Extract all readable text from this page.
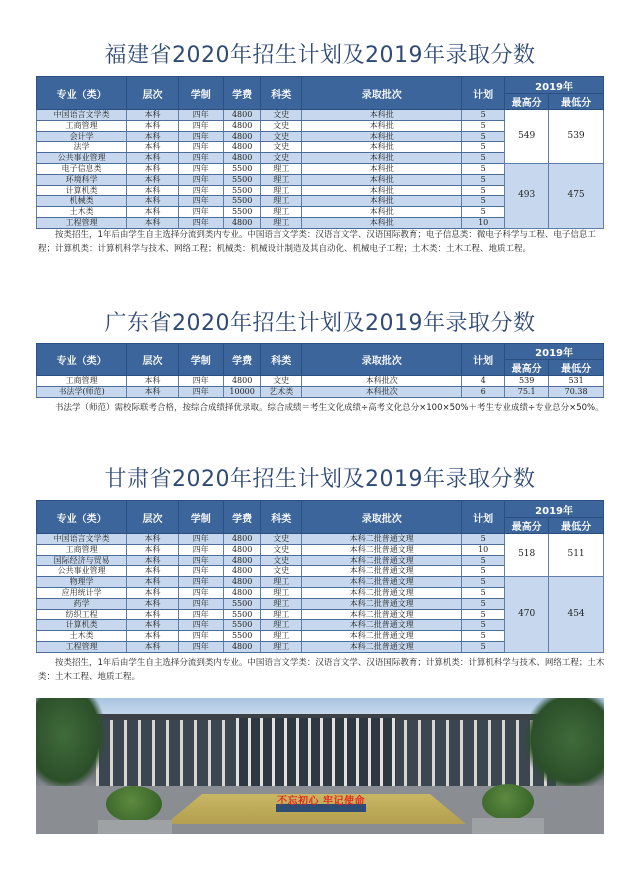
福建省2020年招生计划及2019年录取分数
专业（类）	层次	学制	学费	科类	录取批次	计划	2019年	
							最高分	最低分
中国语言文学类	本科	四年	4800	文史	本科批	5	549	539
工商管理	本科	四年	4800	文史	本科批	5		
会计学	本科	四年	4800	文史	本科批	5		
法学	本科	四年	4800	文史	本科批	5		
公共事业管理	本科	四年	4800	文史	本科批	5		
电子信息类	本科	四年	5500	理工	本科批	5	493	475
环境科学	本科	四年	5500	理工	本科批	5		
计算机类	本科	四年	5500	理工	本科批	5		
机械类	本科	四年	5500	理工	本科批	5		
土木类	本科	四年	5500	理工	本科批	5		
工程管理	本科	四年	4800	理工	本科批	10		

按类招生，1年后由学生自主选择分流到类内专业。中国语言文学类：汉语言文学、汉语国际教育；电子信息类：微电子科学与工程、电子信息工程；计算机类：计算机科学与技术、网络工程；机械类：机械设计制造及其自动化、机械电子工程；土木类：土木工程、地质工程。

广东省2020年招生计划及2019年录取分数
专业（类）	层次	学制	学费	科类	录取批次	计划	2019年	
							最高分	最低分
工商管理	本科	四年	4800	文史	本科批次	4	539	531
书法学(师范)	本科	四年	10000	艺术类	本科批次	6	75.1	70.38

书法学（师范）需校际联考合格，按综合成绩择优录取。综合成绩＝考生文化成绩÷高考文化总分×100×50%＋考生专业成绩÷专业总分×50%。

甘肃省2020年招生计划及2019年录取分数
专业（类）	层次	学制	学费	科类	录取批次	计划	2019年	
							最高分	最低分
中国语言文学类	本科	四年	4800	文史	本科二批普通文理	5	518	511
工商管理	本科	四年	4800	文史	本科二批普通文理	10		
国际经济与贸易	本科	四年	4800	文史	本科二批普通文理	5		
公共事业管理	本科	四年	4800	文史	本科二批普通文理	5		
物理学	本科	四年	4800	理工	本科二批普通文理	5	470	454
应用统计学	本科	四年	4800	理工	本科二批普通文理	5		
药学	本科	四年	5500	理工	本科二批普通文理	5		
纺织工程	本科	四年	5500	理工	本科二批普通文理	5		
计算机类	本科	四年	5500	理工	本科二批普通文理	5		
土木类	本科	四年	5500	理工	本科二批普通文理	5		
工程管理	本科	四年	4800	理工	本科二批普通文理	5		

按类招生，1年后由学生自主选择分流到类内专业。中国语言文学类：汉语言文学、汉语国际教育；计算机类：计算机科学与技术、网络工程；土木类：土木工程、地质工程。

不忘初心 牢记使命
